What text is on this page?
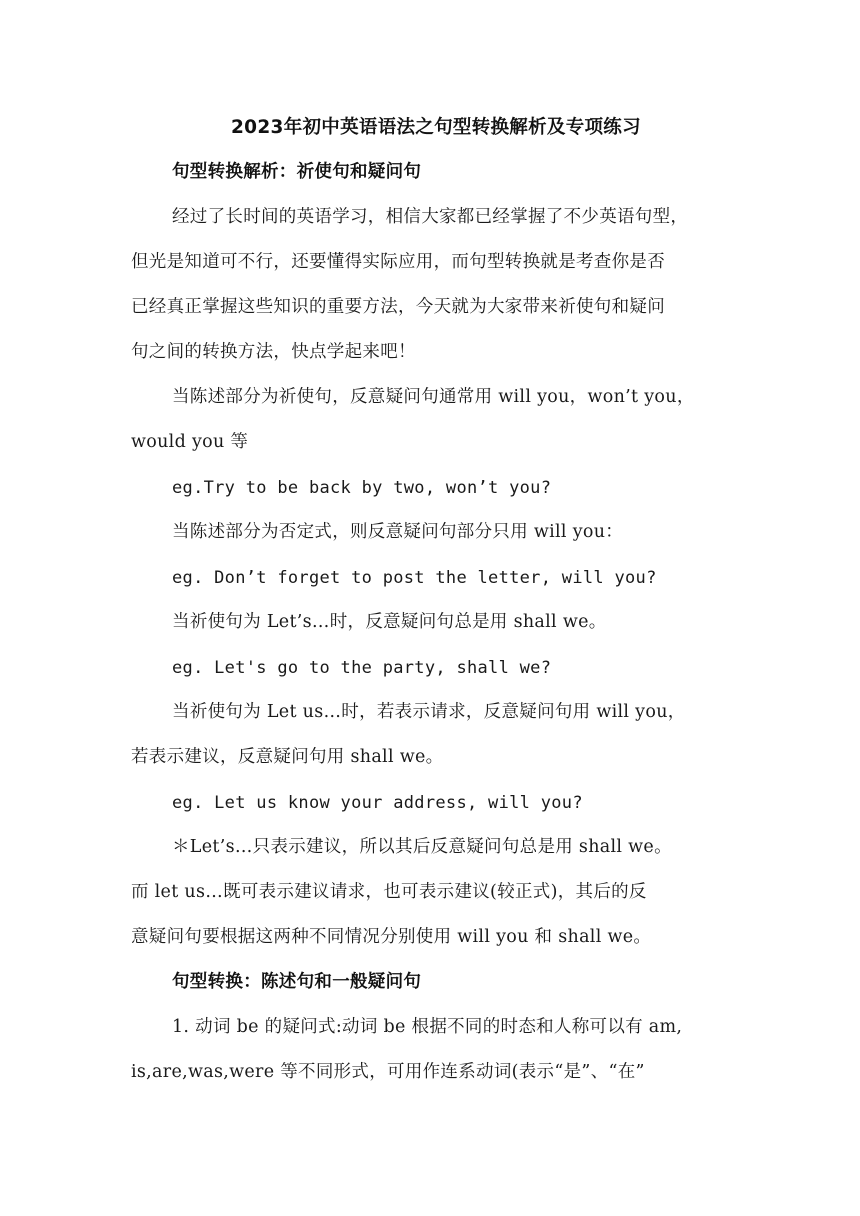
2023年初中英语语法之句型转换解析及专项练习
句型转换解析：祈使句和疑问句
经过了长时间的英语学习，相信大家都已经掌握了不少英语句型，
但光是知道可不行，还要懂得实际应用，而句型转换就是考查你是否
已经真正掌握这些知识的重要方法，今天就为大家带来祈使句和疑问
句之间的转换方法，快点学起来吧！
当陈述部分为祈使句，反意疑问句通常用 will you，won’t you，
would you 等
eg.Try to be back by two, won’t you?
当陈述部分为否定式，则反意疑问句部分只用 will you：
eg. Don’t forget to post the letter, will you?
当祈使句为 Let’s…时，反意疑问句总是用 shall we。
eg. Let's go to the party, shall we?
当祈使句为 Let us…时，若表示请求，反意疑问句用 will you，
若表示建议，反意疑问句用 shall we。
eg. Let us know your address, will you?
＊Let’s…只表示建议，所以其后反意疑问句总是用 shall we。
而 let us…既可表示建议请求，也可表示建议(较正式)，其后的反
意疑问句要根据这两种不同情况分别使用 will you 和 shall we。
句型转换：陈述句和一般疑问句
1. 动词 be 的疑问式:动词 be 根据不同的时态和人称可以有 am,
is,are,was,were 等不同形式，可用作连系动词(表示“是”、“在”
